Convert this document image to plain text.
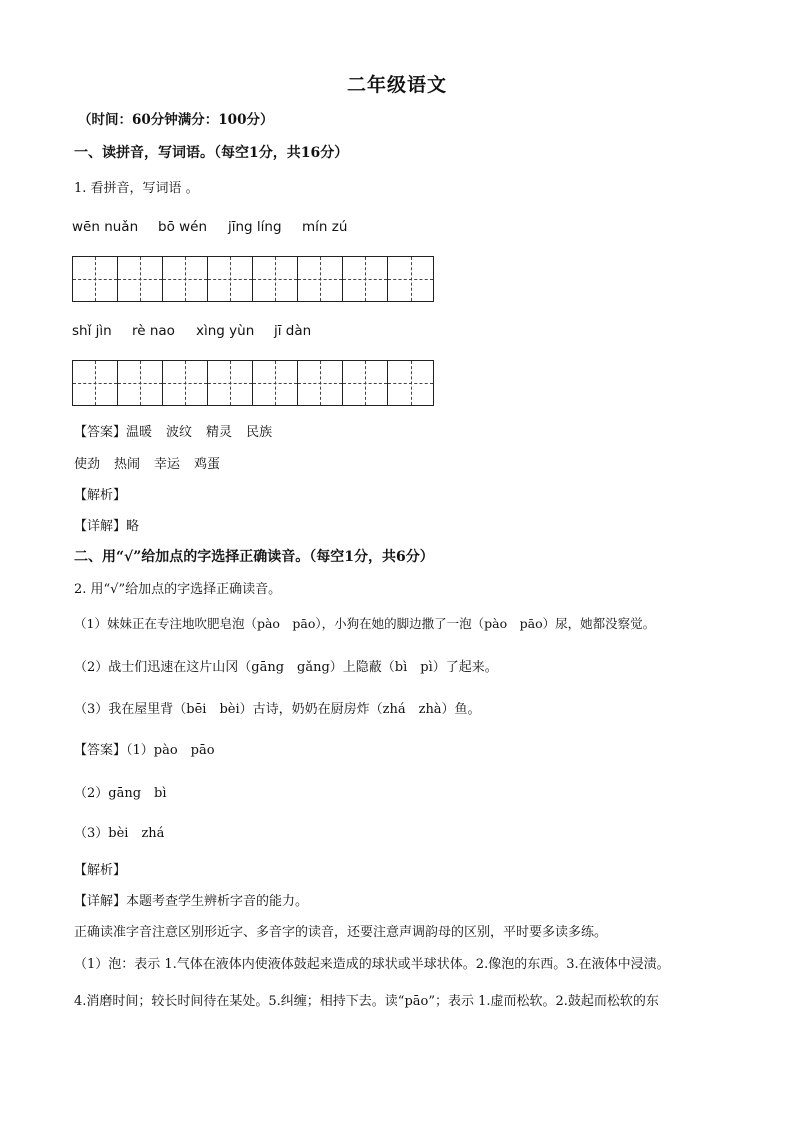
二年级语文
（时间：60分钟满分：100分）
一、读拼音，写词语。（每空1分，共16分）
1. 看拼音，写词语 。
wēn nuǎn	bō wén	jīng líng	mín zú
shǐ jìn	rè nao	xìng yùn	jī dàn
【答案】温暖 波纹 精灵 民族
使劲 热闹 幸运 鸡蛋
【解析】
【详解】略
二、用“√”给加点的字选择正确读音。（每空1分，共6分）
2. 用“√”给加点的字选择正确读音。
（1）妹妹正在专注地吹肥皂泡（pào　pāo），小狗在她的脚边撒了一泡（pào　pāo）尿，她都没察觉。
（2）战士们迅速在这片山冈（gāng　gǎng）上隐蔽（bì　pì）了起来。
（3）我在屋里背（bēi　bèi）古诗，奶奶在厨房炸（zhá　zhà）鱼。
【答案】（1）pào　pāo
（2）gāng　bì
（3）bèi　zhá
【解析】
【详解】本题考查学生辨析字音的能力。
正确读准字音注意区别形近字、多音字的读音，还要注意声调韵母的区别，平时要多读多练。
（1）泡：表示 1.气体在液体内使液体鼓起来造成的球状或半球状体。2.像泡的东西。3.在液体中浸渍。
4.消磨时间；较长时间待在某处。5.纠缠；相持下去。读“pāo”；表示 1.虚而松软。2.鼓起而松软的东
